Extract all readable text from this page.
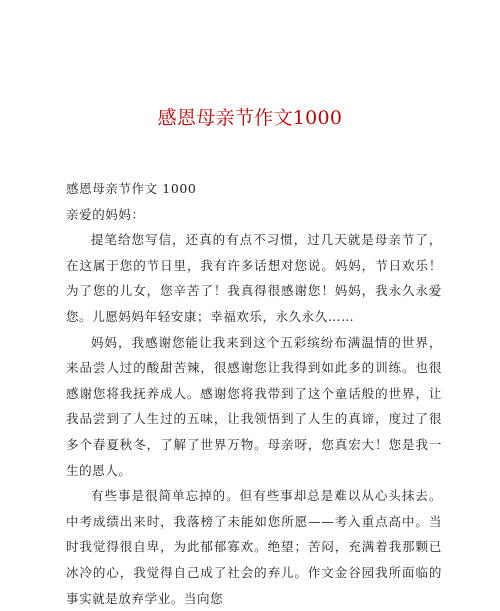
感恩母亲节作文1000

感恩母亲节作文 1000

亲爱的妈妈：

提笔给您写信，还真的有点不习惯，过几天就是母亲节了，在这属于您的节日里，我有许多话想对您说。妈妈，节日欢乐！为了您的儿女，您辛苦了！我真得很感谢您！妈妈，我永久永爱您。儿愿妈妈年轻安康；幸福欢乐，永久永久……

妈妈，我感谢您能让我来到这个五彩缤纷布满温情的世界，来品尝人过的酸甜苦辣，很感谢您让我得到如此多的训练。也很感谢您将我抚养成人。感谢您将我带到了这个童话般的世界，让我品尝到了人生过的五味，让我领悟到了人生的真谛，度过了很多个春夏秋冬，了解了世界万物。母亲呀，您真宏大！您是我一生的恩人。

有些事是很简单忘掉的。但有些事却总是难以从心头抹去。中考成绩出来时，我落榜了未能如您所愿——考入重点高中。当时我觉得很自卑，为此郁郁寡欢。绝望；苦闷，充满着我那颗已冰冷的心，我觉得自己成了社会的弃儿。作文金谷园我所面临的事实就是放弃学业。当向您
